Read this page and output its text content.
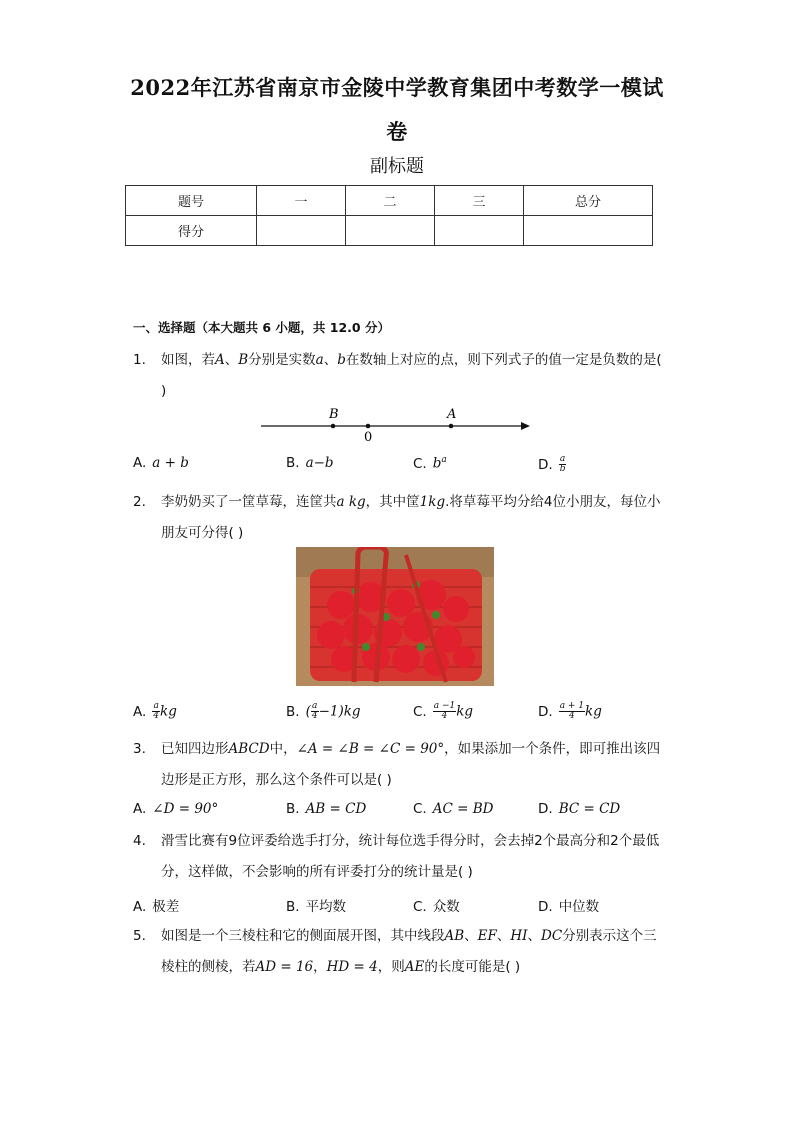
2022年江苏省南京市金陵中学教育集团中考数学一模试
卷
副标题
题号	一	二	三	总分
得分				
一、选择题（本大题共 6 小题，共 12.0 分）
1.	如图，若A、B分别是实数a、b在数轴上对应的点，则下列式子的值一定是负数的是( )
B
0
A
A. a + b	B. a−b	C. $b^a$	D. $\frac{a}{b}$
2.	李奶奶买了一筐草莓，连筐共a kg，其中筐1kg.将草莓平均分给4位小朋友，每位小朋友可分得( )
A. $\frac{a}{4}$ kg	B. ( $\frac{a}{4} -1)kg$	C. $\frac{a -1}{4}$ kg	D. $\frac{a + 1}{4}$ kg
3.	已知四边形ABCD中，∠A = ∠B = ∠C = 90°，如果添加一个条件，即可推出该四边形是正方形，那么这个条件可以是( )
A. ∠D = 90°	B. AB = CD	C. AC = BD	D. BC = CD
4.	滑雪比赛有9位评委给选手打分，统计每位选手得分时，会去掉2个最高分和2个最低分，这样做，不会影响的所有评委打分的统计量是( )
A. 极差	B. 平均数	C. 众数	D. 中位数
5.	如图是一个三棱柱和它的侧面展开图，其中线段AB、EF、HI、DC分别表示这个三棱柱的侧棱，若AD = 16，HD = 4，则AE的长度可能是( )
